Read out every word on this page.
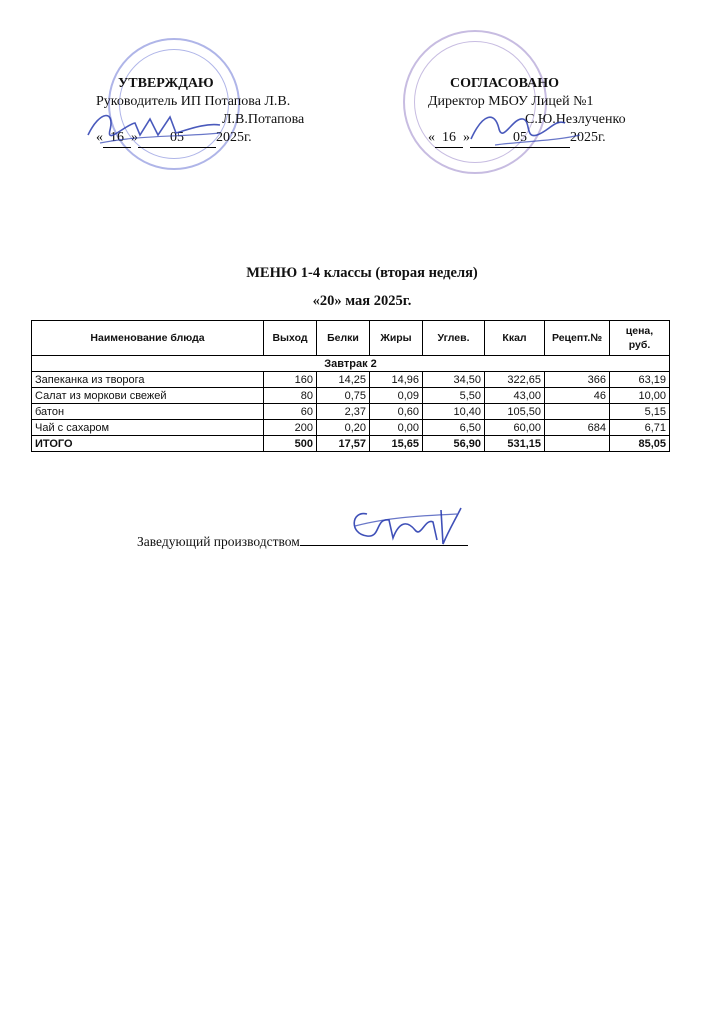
УТВЕРЖДАЮ
Руководитель ИП Потапова Л.В.
Л.В.Потапова
« 16 » 05 2025г.
СОГЛАСОВАНО
Директор МБОУ Лицей №1
С.Ю.Незлученко
« 16 »	05	2025г.
МЕНЮ 1-4 классы (вторая неделя)
«20» мая 2025г.
Наименование блюда	Выход	Белки	Жиры	Углев.	Ккал	Рецепт.№	цена, руб.
Завтрак 2							
Запеканка из творога	160	14,25	14,96	34,50	322,65	366	63,19
Салат из моркови свежей	80	0,75	0,09	5,50	43,00	46	10,00
батон	60	2,37	0,60	10,40	105,50		5,15
Чай с сахаром	200	0,20	0,00	6,50	60,00	684	6,71
ИТОГО	500	17,57	15,65	56,90	531,15		85,05
Заведующий производством
